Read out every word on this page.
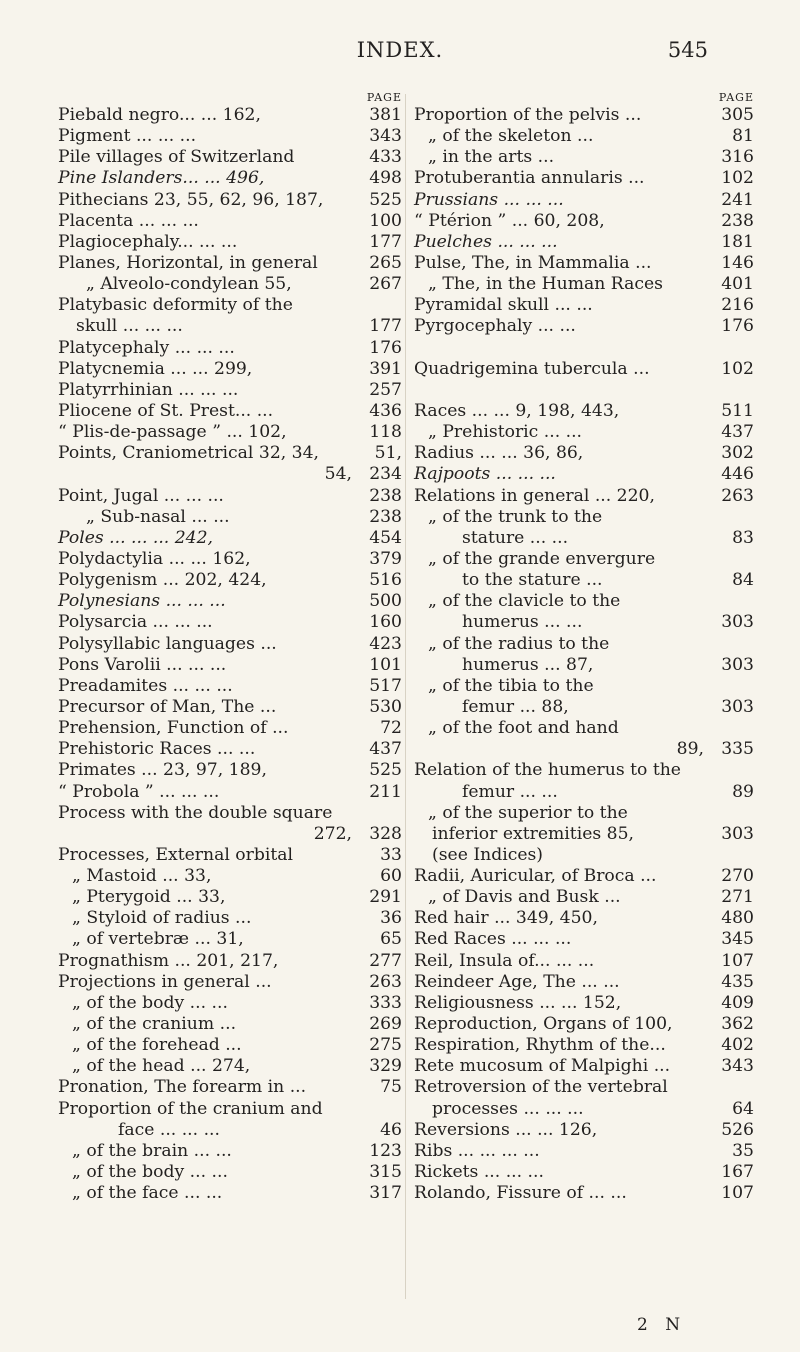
INDEX.	545
PAGE
Piebald negro... ... 162,	381
Pigment ... ... ...	343
Pile villages of Switzerland	433
Pine Islanders... ... 496,	498
Pithecians 23, 55, 62, 96, 187,	525
Placenta ... ... ...	100
Plagiocephaly... ... ...	177
Planes, Horizontal, in general	265
„ Alveolo-condylean 55,	267
Platybasic deformity of the
skull ... ... ...	177
Platycephaly ... ... ...	176
Platycnemia ... ... 299,	391
Platyrrhinian ... ... ...	257
Pliocene of St. Prest... ...	436
“ Plis-de-passage ” ... 102,	118
Points, Craniometrical 32, 34,	51,
54, 234
Point, Jugal ... ... ...	238
„ Sub-nasal ... ...	238
Poles ... ... ... 242,	454
Polydactylia ... ... 162,	379
Polygenism ... 202, 424,	516
Polynesians ... ... ...	500
Polysarcia ... ... ...	160
Polysyllabic languages ...	423
Pons Varolii ... ... ...	101
Preadamites ... ... ...	517
Precursor of Man, The ...	530
Prehension, Function of ...	72
Prehistoric Races ... ...	437
Primates ... 23, 97, 189,	525
“ Probola ” ... ... ...	211
Process with the double square
272, 328
Processes, External orbital	33
„ Mastoid ... 33,	60
„ Pterygoid ... 33,	291
„ Styloid of radius ...	36
„ of vertebræ ... 31,	65
Prognathism ... 201, 217,	277
Projections in general ...	263
„ of the body ... ...	333
„ of the cranium ...	269
„ of the forehead ...	275
„ of the head ... 274,	329
Pronation, The forearm in ...	75
Proportion of the cranium and
face ... ... ...	46
„ of the brain ... ...	123
„ of the body ... ...	315
„ of the face ... ...	317
PAGE
Proportion of the pelvis ...	305
„ of the skeleton ...	81
„ in the arts ...	316
Protuberantia annularis ...	102
Prussians ... ... ...	241
“ Ptérion ” ... 60, 208,	238
Puelches ... ... ...	181
Pulse, The, in Mammalia ...	146
„ The, in the Human Races	401
Pyramidal skull ... ...	216
Pyrgocephaly ... ...	176
Quadrigemina tubercula ...	102
Races ... ... 9, 198, 443,	511
„ Prehistoric ... ...	437
Radius ... ... 36, 86,	302
Rajpoots ... ... ...	446
Relations in general ... 220,	263
„ of the trunk to the
stature ... ...	83
„ of the grande envergure
to the stature ...	84
„ of the clavicle to the
humerus ... ...	303
„ of the radius to the
humerus ... 87,	303
„ of the tibia to the
femur ... 88,	303
„ of the foot and hand
89, 335
Relation of the humerus to the
femur ... ...	89
„ of the superior to the
inferior extremities 85,	303
(see Indices)
Radii, Auricular, of Broca ...	270
„ of Davis and Busk ...	271
Red hair ... 349, 450,	480
Red Races ... ... ...	345
Reil, Insula of... ... ...	107
Reindeer Age, The ... ...	435
Religiousness ... ... 152,	409
Reproduction, Organs of 100,	362
Respiration, Rhythm of the...	402
Rete mucosum of Malpighi ...	343
Retroversion of the vertebral
processes ... ... ...	64
Reversions ... ... 126,	526
Ribs ... ... ... ...	35
Rickets ... ... ...	167
Rolando, Fissure of ... ...	107
2 N
